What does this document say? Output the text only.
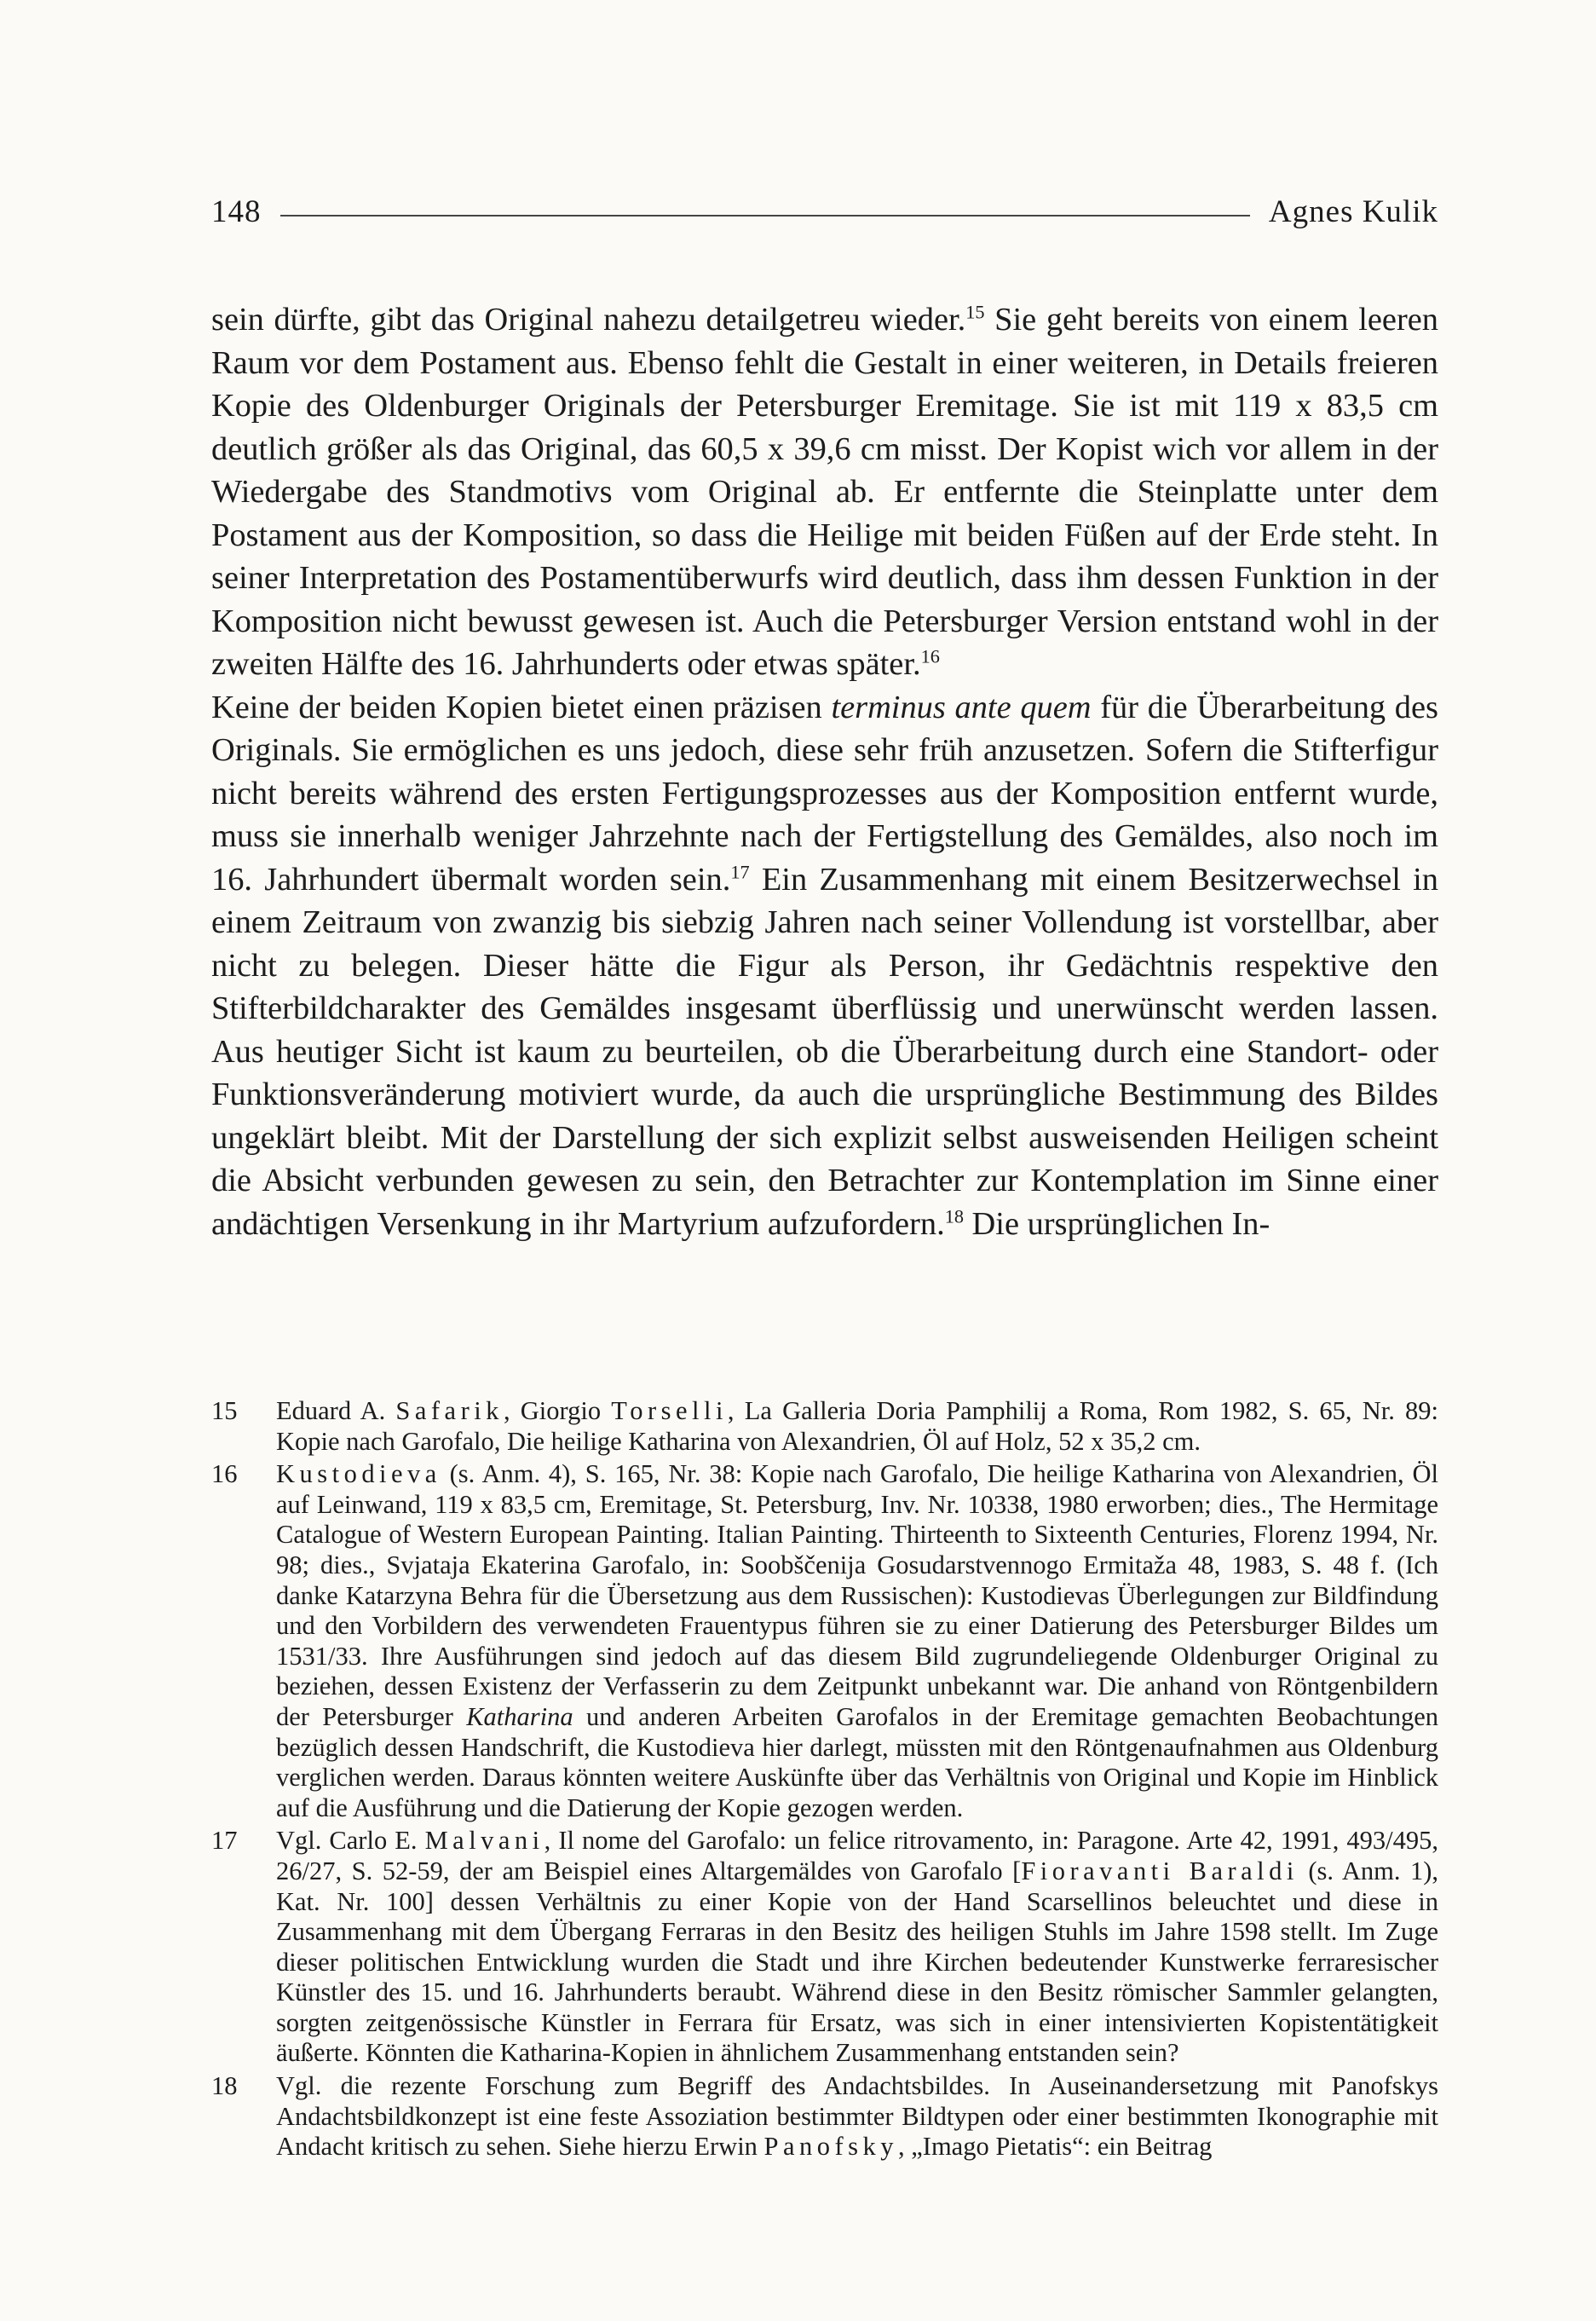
148	Agnes Kulik

sein dürfte, gibt das Original nahezu detailgetreu wieder.$^{15}$ Sie geht bereits von einem leeren Raum vor dem Postament aus. Ebenso fehlt die Gestalt in einer weiteren, in Details freieren Kopie des Oldenburger Originals der Petersburger Eremitage. Sie ist mit 119 x 83,5 cm deutlich größer als das Original, das 60,5 x 39,6 cm misst. Der Kopist wich vor allem in der Wiedergabe des Standmotivs vom Original ab. Er entfernte die Steinplatte unter dem Postament aus der Komposition, so dass die Heilige mit beiden Füßen auf der Erde steht. In seiner Interpretation des Postamentüberwurfs wird deutlich, dass ihm dessen Funktion in der Komposition nicht bewusst gewesen ist. Auch die Petersburger Version entstand wohl in der zweiten Hälfte des 16. Jahrhunderts oder etwas später.$^{16}$

Keine der beiden Kopien bietet einen präzisen terminus ante quem für die Überarbeitung des Originals. Sie ermöglichen es uns jedoch, diese sehr früh anzusetzen. Sofern die Stifterfigur nicht bereits während des ersten Fertigungsprozesses aus der Komposition entfernt wurde, muss sie innerhalb weniger Jahrzehnte nach der Fertigstellung des Gemäldes, also noch im 16. Jahrhundert übermalt worden sein.$^{17}$ Ein Zusammenhang mit einem Besitzerwechsel in einem Zeitraum von zwanzig bis siebzig Jahren nach seiner Vollendung ist vorstellbar, aber nicht zu belegen. Dieser hätte die Figur als Person, ihr Gedächtnis respektive den Stifterbildcharakter des Gemäldes insgesamt überflüssig und unerwünscht werden lassen. Aus heutiger Sicht ist kaum zu beurteilen, ob die Überarbeitung durch eine Standort- oder Funktionsveränderung motiviert wurde, da auch die ursprüngliche Bestimmung des Bildes ungeklärt bleibt. Mit der Darstellung der sich explizit selbst ausweisenden Heiligen scheint die Absicht verbunden gewesen zu sein, den Betrachter zur Kontemplation im Sinne einer andächtigen Versenkung in ihr Martyrium aufzufordern.$^{18}$ Die ursprünglichen In-

15	Eduard A. Safarik, Giorgio Torselli, La Galleria Doria Pamphilij a Roma, Rom 1982, S. 65, Nr. 89: Kopie nach Garofalo, Die heilige Katharina von Alexandrien, Öl auf Holz, 52 x 35,2 cm.
16	Kustodieva (s. Anm. 4), S. 165, Nr. 38: Kopie nach Garofalo, Die heilige Katharina von Alexandrien, Öl auf Leinwand, 119 x 83,5 cm, Eremitage, St. Petersburg, Inv. Nr. 10338, 1980 erworben; dies., The Hermitage Catalogue of Western European Painting. Italian Painting. Thirteenth to Sixteenth Centuries, Florenz 1994, Nr. 98; dies., Svjataja Ekaterina Garofalo, in: Soobščenija Gosudarstvennogo Ermitaža 48, 1983, S. 48 f. (Ich danke Katarzyna Behra für die Übersetzung aus dem Russischen): Kustodievas Überlegungen zur Bildfindung und den Vorbildern des verwendeten Frauentypus führen sie zu einer Datierung des Petersburger Bildes um 1531/33. Ihre Ausführungen sind jedoch auf das diesem Bild zugrundeliegende Oldenburger Original zu beziehen, dessen Existenz der Verfasserin zu dem Zeitpunkt unbekannt war. Die anhand von Röntgenbildern der Petersburger Katharina und anderen Arbeiten Garofalos in der Eremitage gemachten Beobachtungen bezüglich dessen Handschrift, die Kustodieva hier darlegt, müssten mit den Röntgenaufnahmen aus Oldenburg verglichen werden. Daraus könnten weitere Auskünfte über das Verhältnis von Original und Kopie im Hinblick auf die Ausführung und die Datierung der Kopie gezogen werden.
17	Vgl. Carlo E. Malvani, Il nome del Garofalo: un felice ritrovamento, in: Paragone. Arte 42, 1991, 493/495, 26/27, S. 52-59, der am Beispiel eines Altargemäldes von Garofalo [Fioravanti Baraldi (s. Anm. 1), Kat. Nr. 100] dessen Verhältnis zu einer Kopie von der Hand Scarsellinos beleuchtet und diese in Zusammenhang mit dem Übergang Ferraras in den Besitz des heiligen Stuhls im Jahre 1598 stellt. Im Zuge dieser politischen Entwicklung wurden die Stadt und ihre Kirchen bedeutender Kunstwerke ferraresischer Künstler des 15. und 16. Jahrhunderts beraubt. Während diese in den Besitz römischer Sammler gelangten, sorgten zeitgenössische Künstler in Ferrara für Ersatz, was sich in einer intensivierten Kopistentätigkeit äußerte. Könnten die Katharina-Kopien in ähnlichem Zusammenhang entstanden sein?
18	Vgl. die rezente Forschung zum Begriff des Andachtsbildes. In Auseinandersetzung mit Panofskys Andachtsbildkonzept ist eine feste Assoziation bestimmter Bildtypen oder einer bestimmten Ikonographie mit Andacht kritisch zu sehen. Siehe hierzu Erwin Panofsky, „Imago Pietatis“: ein Beitrag
